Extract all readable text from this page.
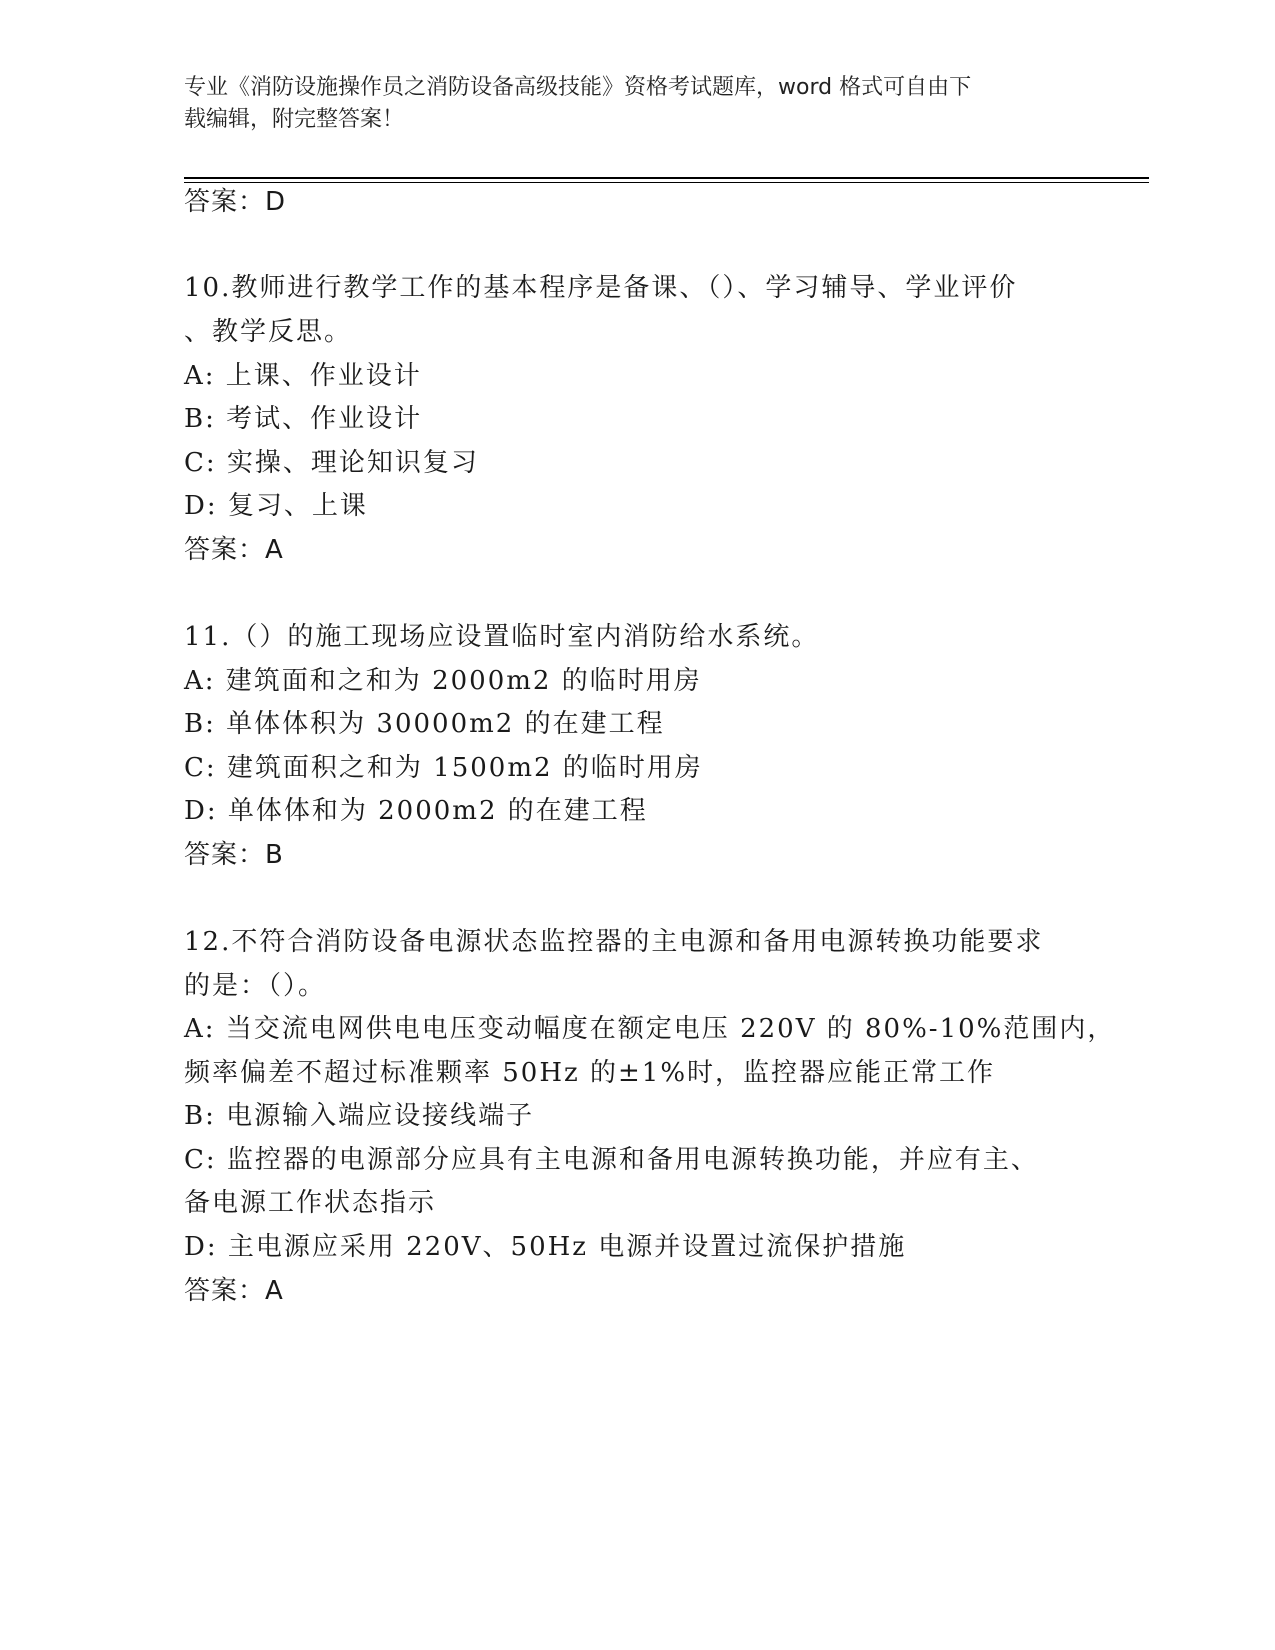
专业《消防设施操作员之消防设备高级技能》资格考试题库，word 格式可自由下
载编辑，附完整答案！
答案：D
10.教师进行教学工作的基本程序是备课、（）、学习辅导、学业评价
、教学反思。
A: 上课、作业设计
B: 考试、作业设计
C: 实操、理论知识复习
D: 复习、上课
答案：A
11.（）的施工现场应设置临时室内消防给水系统。
A: 建筑面和之和为 2000m2 的临时用房
B: 单体体积为 30000m2 的在建工程
C: 建筑面积之和为 1500m2 的临时用房
D: 单体体和为 2000m2 的在建工程
答案：B
12.不符合消防设备电源状态监控器的主电源和备用电源转换功能要求
的是：（）。
A: 当交流电网供电电压变动幅度在额定电压 220V 的 80%-10%范围内，
频率偏差不超过标准颗率 50Hz 的±1%时，监控器应能正常工作
B: 电源输入端应设接线端子
C: 监控器的电源部分应具有主电源和备用电源转换功能，并应有主、
备电源工作状态指示
D: 主电源应采用 220V、50Hz 电源并设置过流保护措施
答案：A
